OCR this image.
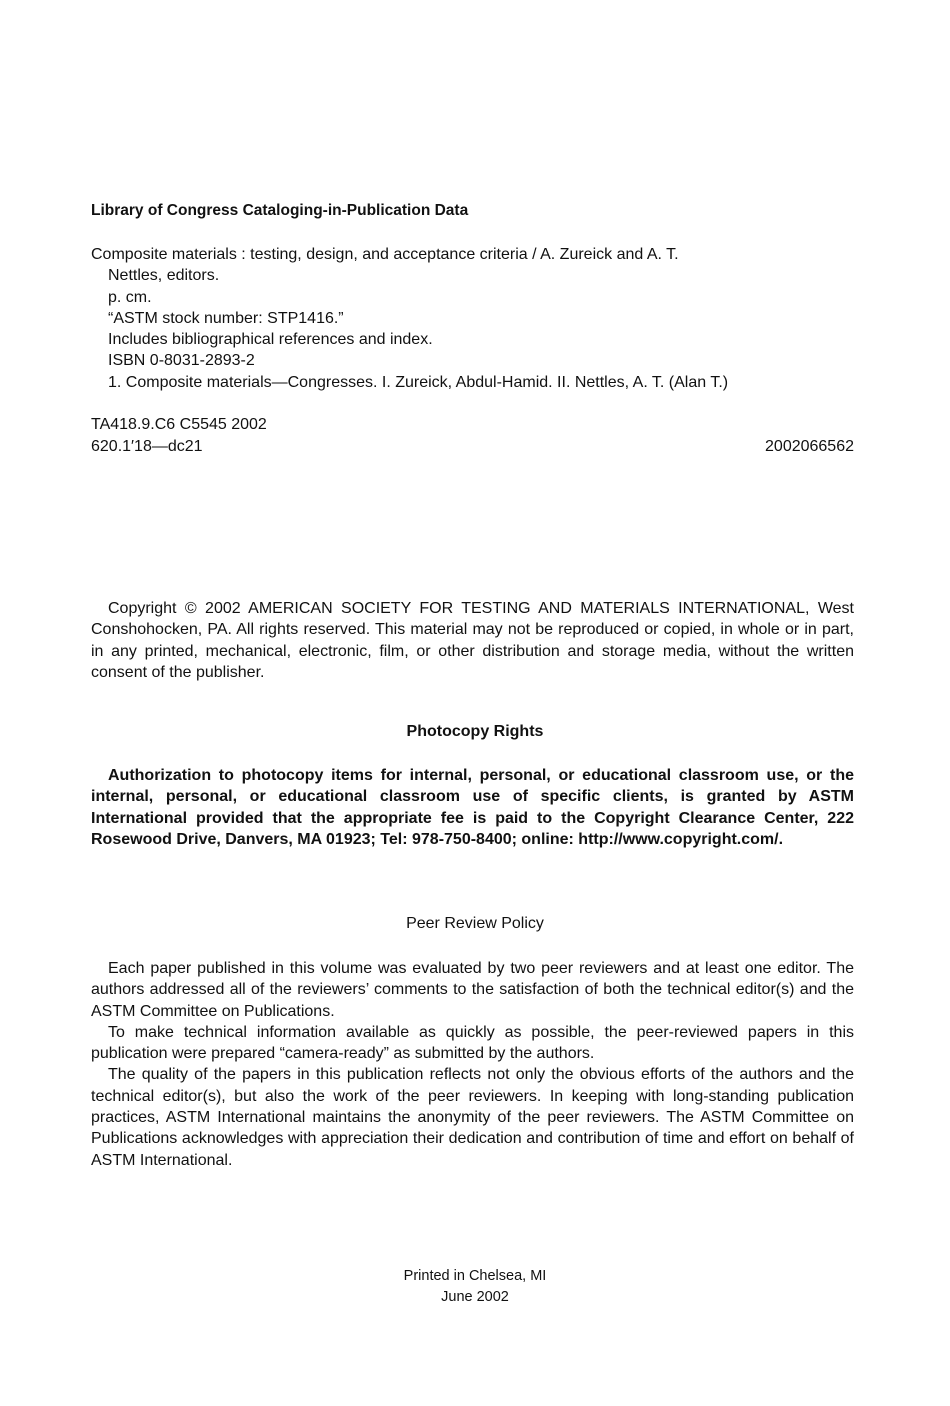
Library of Congress Cataloging-in-Publication Data
Composite materials : testing, design, and acceptance criteria / A. Zureick and A. T.
Nettles, editors.
p. cm.
“ASTM stock number: STP1416.”
Includes bibliographical references and index.
ISBN 0-8031-2893-2
1. Composite materials—Congresses. I. Zureick, Abdul-Hamid. II. Nettles, A. T. (Alan T.)
TA418.9.C6 C5545 2002
620.1′18—dc21	2002066562

Copyright © 2002 AMERICAN SOCIETY FOR TESTING AND MATERIALS INTERNATIONAL, West Conshohocken, PA. All rights reserved. This material may not be reproduced or copied, in whole or in part, in any printed, mechanical, electronic, film, or other distribution and storage media, without the written consent of the publisher.

Photocopy Rights

Authorization to photocopy items for internal, personal, or educational classroom use, or the internal, personal, or educational classroom use of specific clients, is granted by ASTM International provided that the appropriate fee is paid to the Copyright Clearance Center, 222 Rosewood Drive, Danvers, MA 01923; Tel: 978-750-8400; online: http://www.copyright.com/.

Peer Review Policy

Each paper published in this volume was evaluated by two peer reviewers and at least one editor. The authors addressed all of the reviewers’ comments to the satisfaction of both the technical editor(s) and the ASTM Committee on Publications.

To make technical information available as quickly as possible, the peer-reviewed papers in this publication were prepared “camera-ready” as submitted by the authors.

The quality of the papers in this publication reflects not only the obvious efforts of the authors and the technical editor(s), but also the work of the peer reviewers. In keeping with long-standing publication practices, ASTM International maintains the anonymity of the peer reviewers. The ASTM Committee on Publications acknowledges with appreciation their dedication and contribution of time and effort on behalf of ASTM International.

Printed in Chelsea, MI
June 2002
